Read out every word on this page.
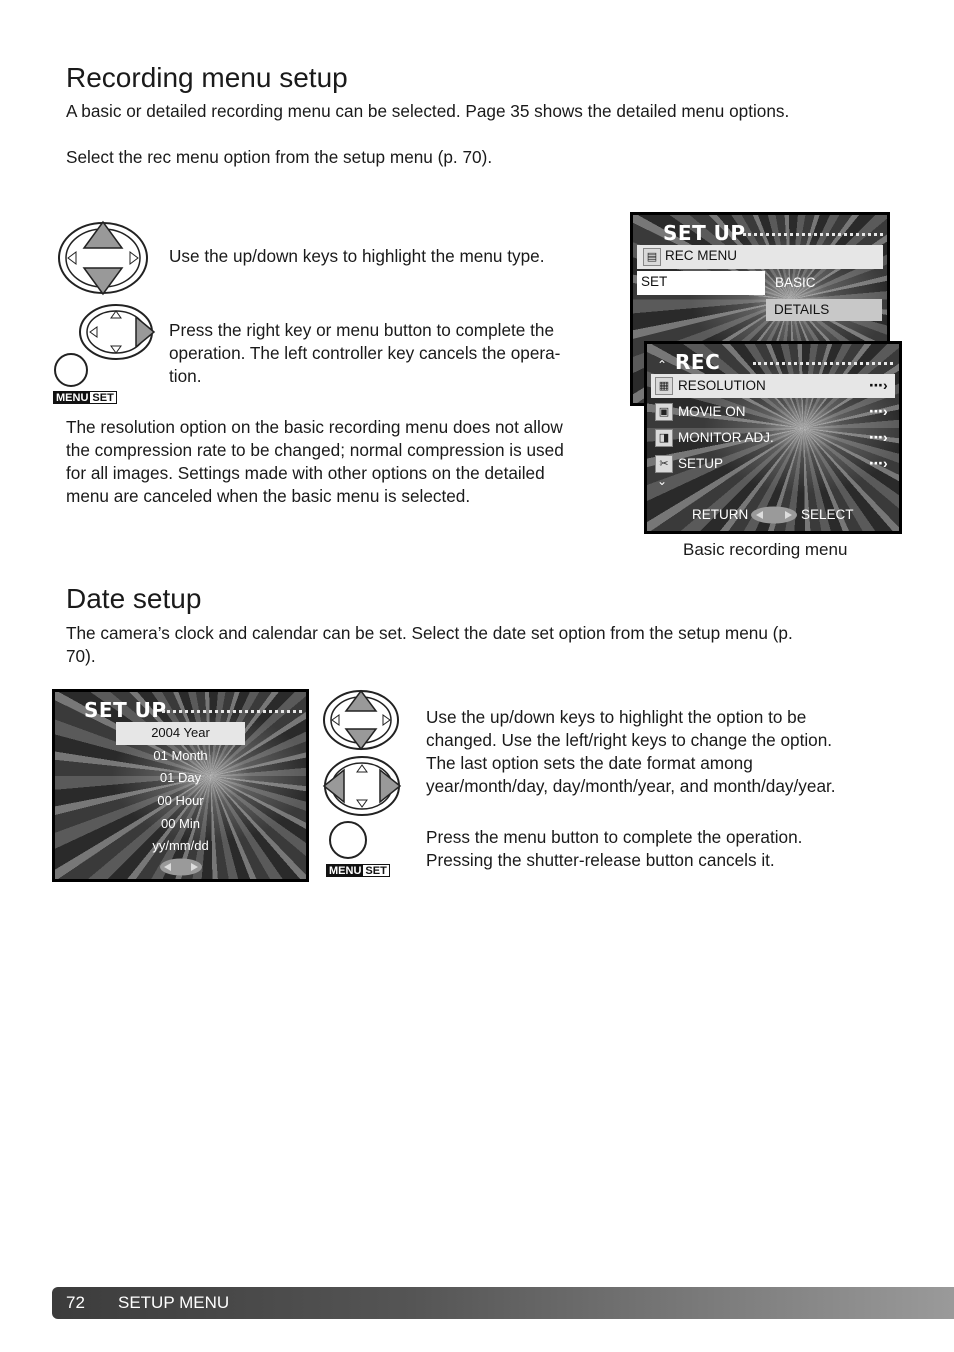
Recording menu setup

A basic or detailed recording menu can be selected. Page 35 shows the detailed menu options.

Select the rec menu option from the setup menu (p. 70).

Use the up/down keys to highlight the menu type.

MENU SET

Press the right key or menu button to complete the

operation. The left controller key cancels the opera-

tion.

The resolution option on the basic recording menu does not allow

the compression rate to be changed; normal compression is used

for all images. Settings made with other options on the detailed

menu are canceled when the basic menu is selected.

SET UP
▤ REC MENU
SET	BASIC
DETAILS
⌃ REC
▦ RESOLUTION	⋯›
▣ MOVIE ON	⋯›
◨ MONITOR ADJ.	⋯›
✂ SETUP	⋯›
⌄
RETURN	SELECT
Basic recording menu
Date setup

The camera’s clock and calendar can be set. Select the date set option from the setup menu (p.

70).

SET UP
2004 Year
01 Month
01 Day
00 Hour
00 Min
yy/mm/dd
MENU SET

Use the up/down keys to highlight the option to be

changed. Use the left/right keys to change the option.

The last option sets the date format among

year/month/day, day/month/year, and month/day/year.

Press the menu button to complete the operation.

Pressing the shutter-release button cancels it.

72 SETUP MENU
